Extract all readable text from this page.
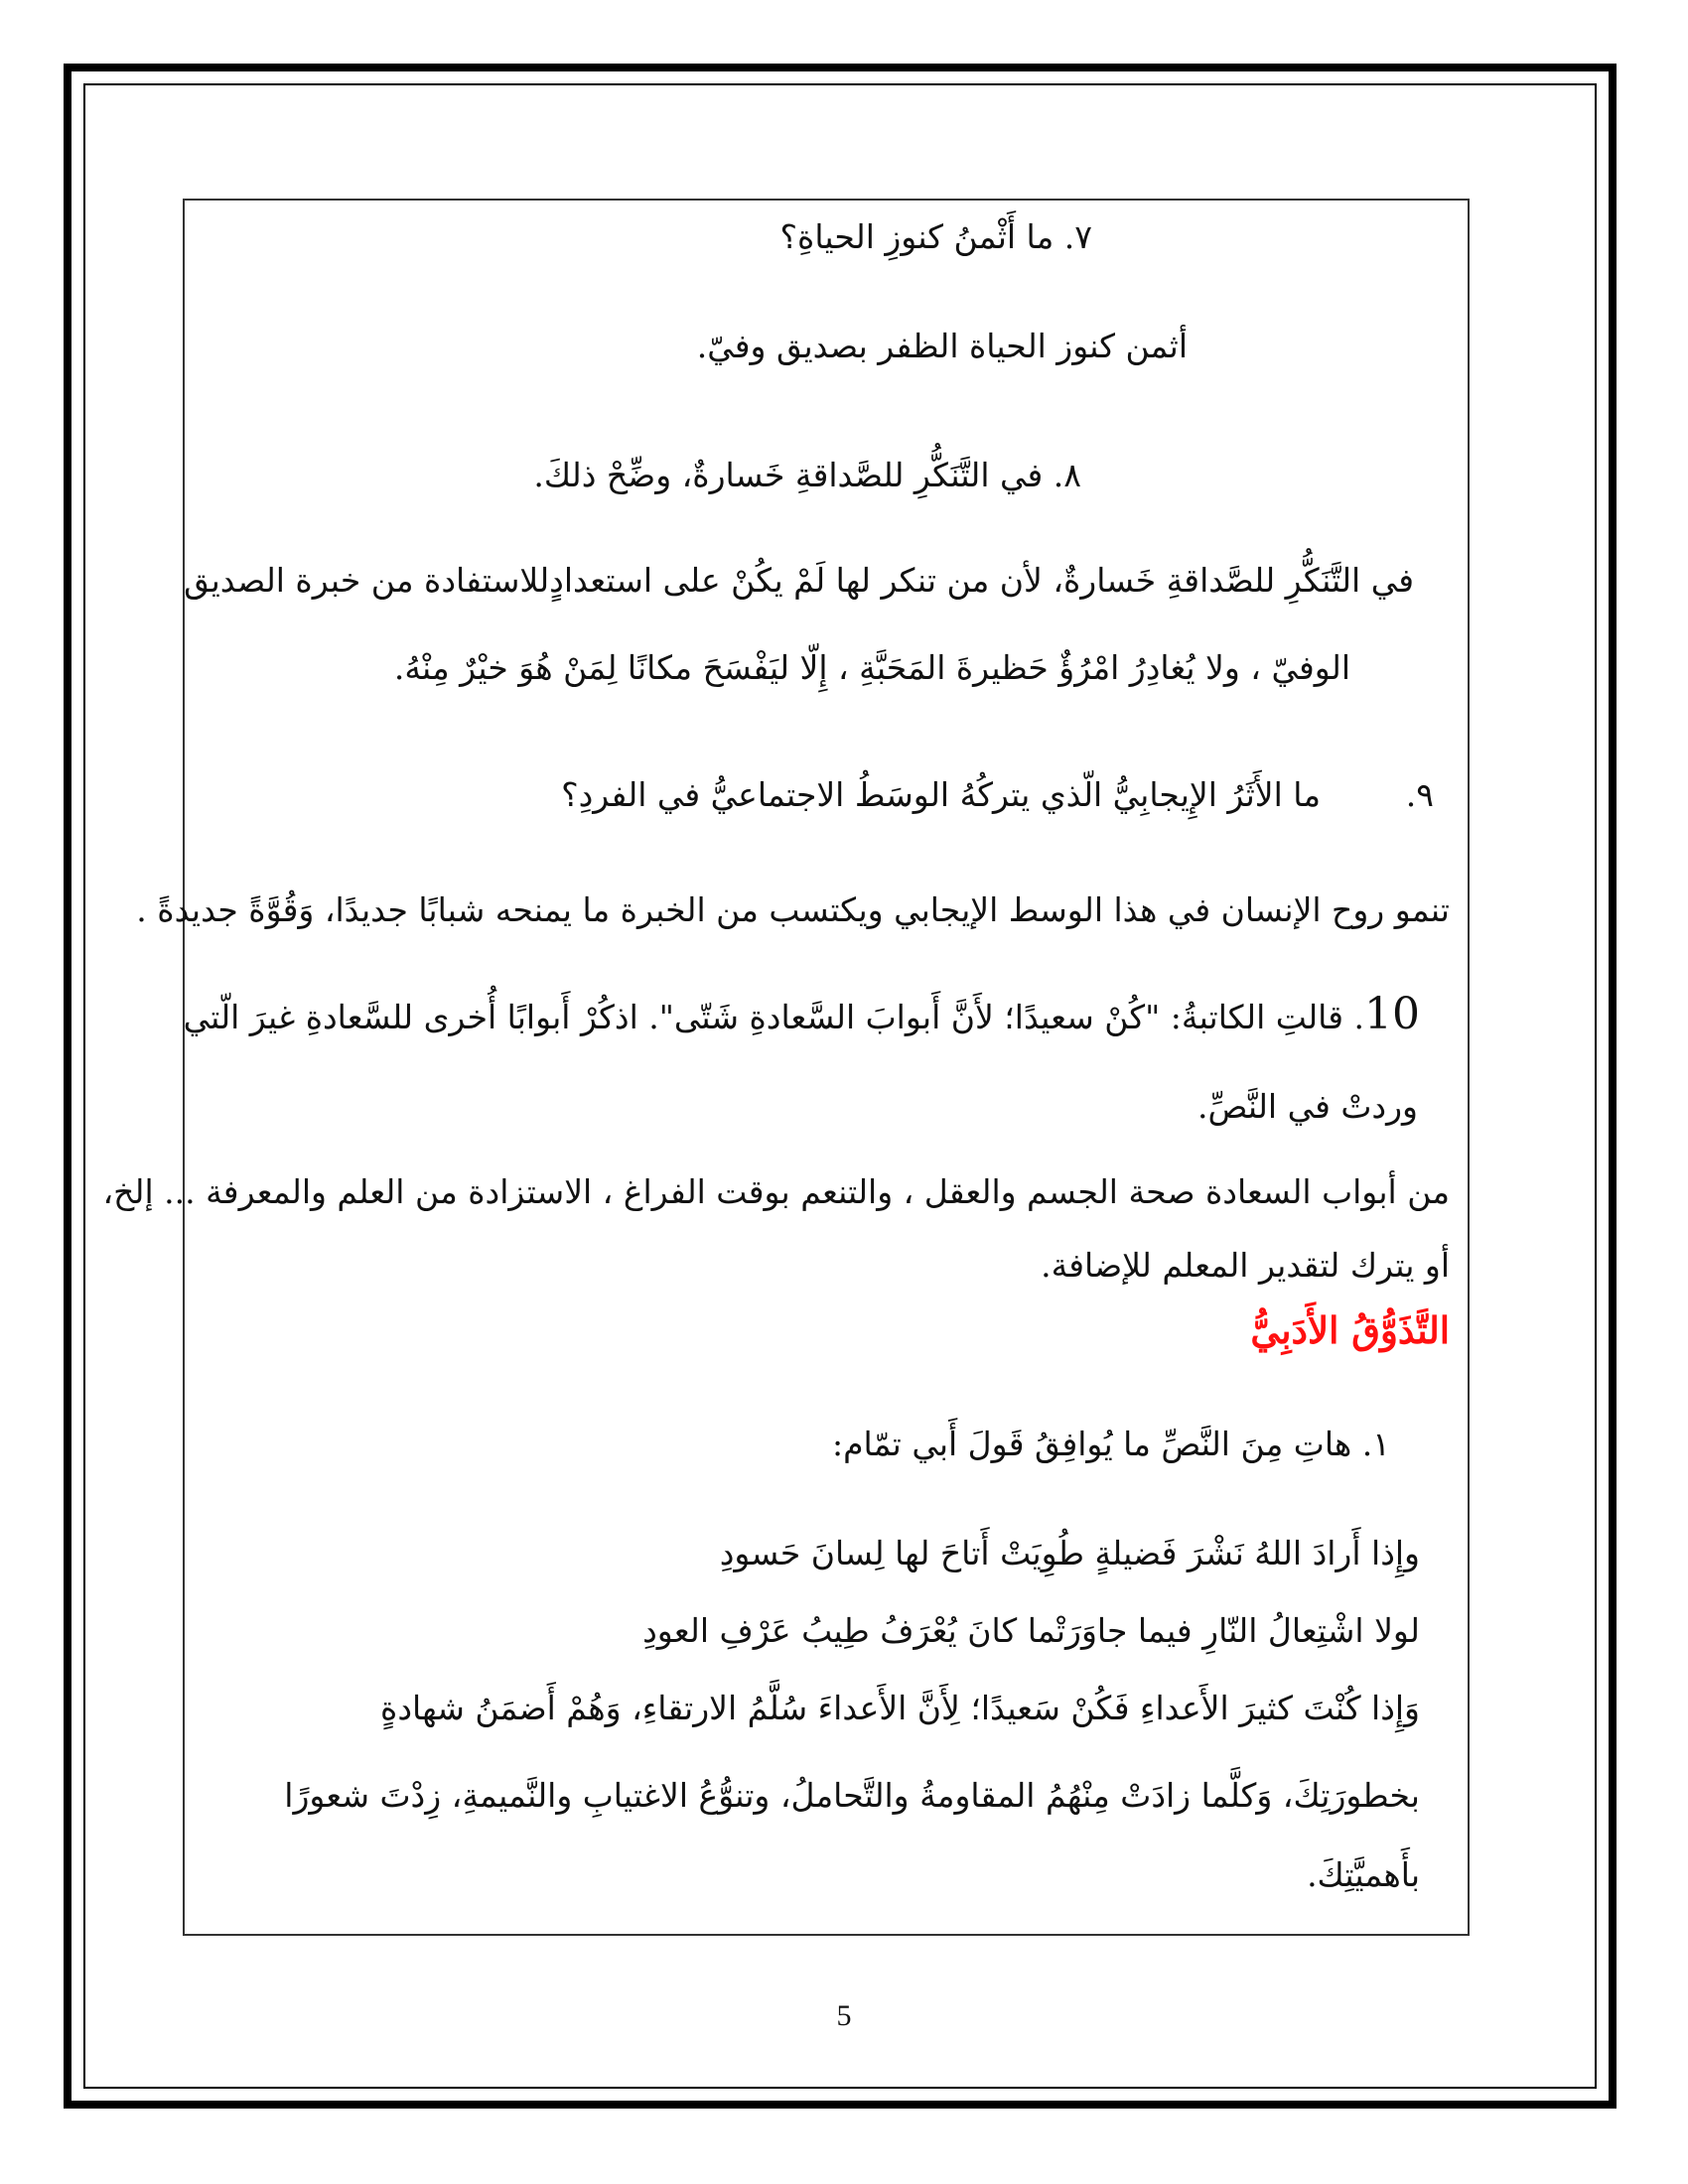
٧. ما أَثْمنُ كنوزِ الحياةِ؟
أثمن كنوز الحياة الظفر بصديق وفيّ.
٨. في التَّنَكُّرِ للصَّداقةِ خَسارةٌ، وضِّحْ ذلكَ.
في التَّنَكُّرِ للصَّداقةِ خَسارةٌ، لأن من تنكر لها لَمْ يكُنْ على استعدادٍللاستفادة من خبرة الصديق
الوفيّ ، ولا يُغادِرُ امْرُؤٌ حَظيرةَ المَحَبَّةِ ، إِلّا ليَفْسَحَ مكانًا لِمَنْ هُوَ خيْرٌ مِنْهُ.
٩.
ما الأَثَرُ الإِيجابِيُّ الّذي يتركُهُ الوسَطُ الاجتماعيُّ في الفردِ؟
تنمو روح الإنسان في هذا الوسط الإيجابي ويكتسب من الخبرة ما يمنحه شبابًا جديدًا، وَقُوَّةً جديدةً .
10. قالتِ الكاتبةُ: "كُنْ سعيدًا؛ لأَنَّ أَبوابَ السَّعادةِ شَتّى". اذكُرْ أَبوابًا أُخرى للسَّعادةِ غيرَ الّتي
وردتْ في النَّصِّ.
من أبواب السعادة صحة الجسم والعقل ، والتنعم بوقت الفراغ ، الاستزادة من العلم والمعرفة ... إلخ،
أو يترك لتقدير المعلم للإضافة.
التَّذَوُّقُ الأَدَبِيُّ
١. هاتِ مِنَ النَّصِّ ما يُوافِقُ قَولَ أَبي تمّام:
وإِذا أَرادَ اللهُ نَشْرَ فَضيلةٍ طُوِيَتْ أَتاحَ لها لِسانَ حَسودِ
لولا اشْتِعالُ النّارِ فيما جاوَرَتْما كانَ يُعْرَفُ طِيبُ عَرْفِ العودِ
وَإِذا كُنْتَ كثيرَ الأَعداءِ فَكُنْ سَعيدًا؛ لِأَنَّ الأَعداءَ سُلَّمُ الارتقاءِ، وَهُمْ أَضمَنُ شهادةٍ
بخطورَتِكَ، وَكلَّما زادَتْ مِنْهُمُ المقاومةُ والتَّحاملُ، وتنوُّعُ الاغتيابِ والنَّميمةِ، زِدْتَ شعورًا
بأَهميَّتِكَ.
5
